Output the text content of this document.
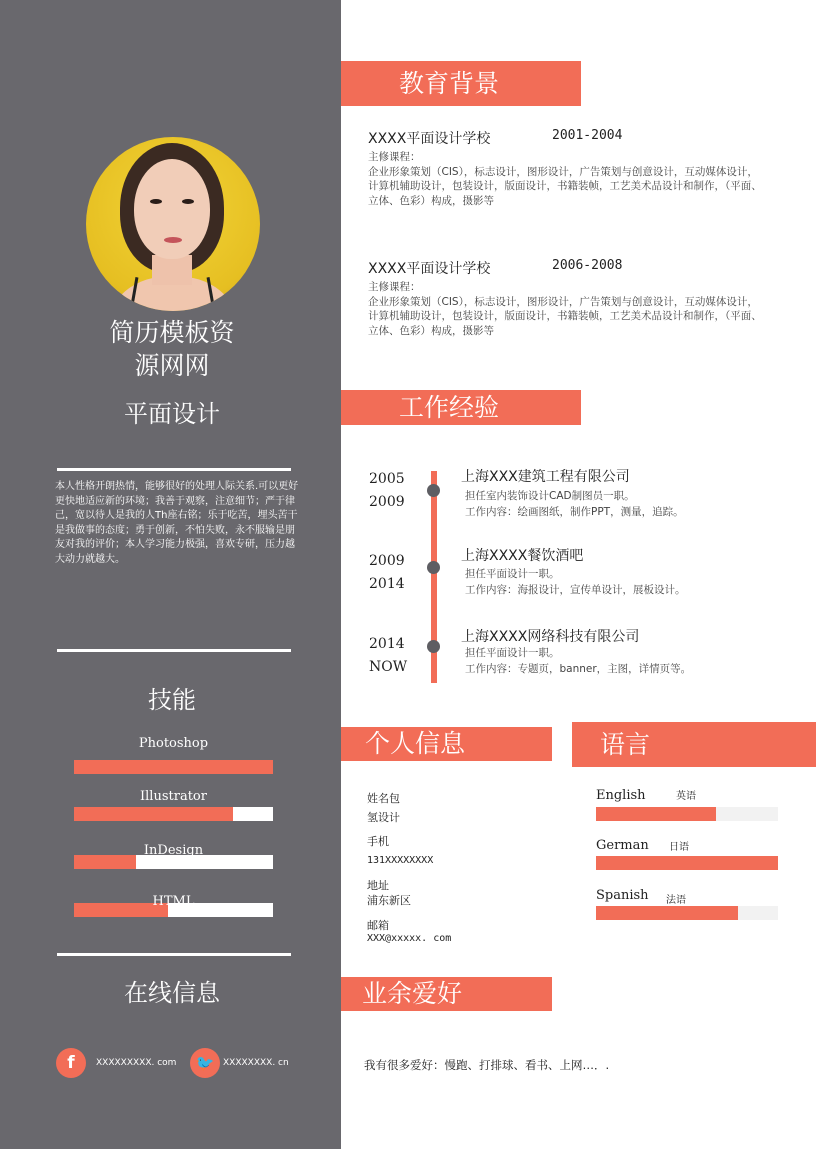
简历模板资
源网网
平面设计
本人性格开朗热情，能够很好的处理人际关系.可以更好更快地适应新的环境；我善于观察，注意细节；严于律己，宽以待人是我的人Th座右铭；乐于吃苦，埋头苦干是我做事的态度；勇于创新，不怕失败，永不服输是朋友对我的评价；本人学习能力极强，喜欢专研，压力越大动力就越大。
技能
Photoshop
Illustrator
InDesign
HTML
在线信息
f	XXXXXXXXX. com	🐦 XXXXXXXX. cn
教育背景
XXXX平面设计学校	2001-2004
主修课程：
企业形象策划（CIS），标志设计，图形设计，广告策划与创意设计，互动媒体设计，
计算机辅助设计，包装设计，版面设计，书籍装帧，工艺美术品设计和制作，（平面、
立体、色彩）构成，摄影等
XXXX平面设计学校	2006-2008
主修课程：
企业形象策划（CIS），标志设计，图形设计，广告策划与创意设计，互动媒体设计，
计算机辅助设计，包装设计，版面设计，书籍装帧，工艺美术品设计和制作，（平面、
立体、色彩）构成，摄影等
工作经验
2005
2009
上海XXX建筑工程有限公司
担任室内装饰设计CAD制图员一职。
工作内容：绘画图纸，制作PPT，测量，追踪。
2009
2014
上海XXXX餐饮酒吧
担任平面设计一职。
工作内容：海报设计，宣传单设计，展板设计。
2014
NOW
上海XXXX网络科技有限公司
担任平面设计一职。
工作内容：专题页，banner，主图，详情页等。
个人信息
姓名包
氢设计
手机
131XXXXXXXX
地址
浦东新区
邮箱
XXX@xxxxx. com
语言
English	英语
German 日语
Spanish 法语
业余爱好
我有很多爱好：慢跑、打排球、看书、上网…．.
